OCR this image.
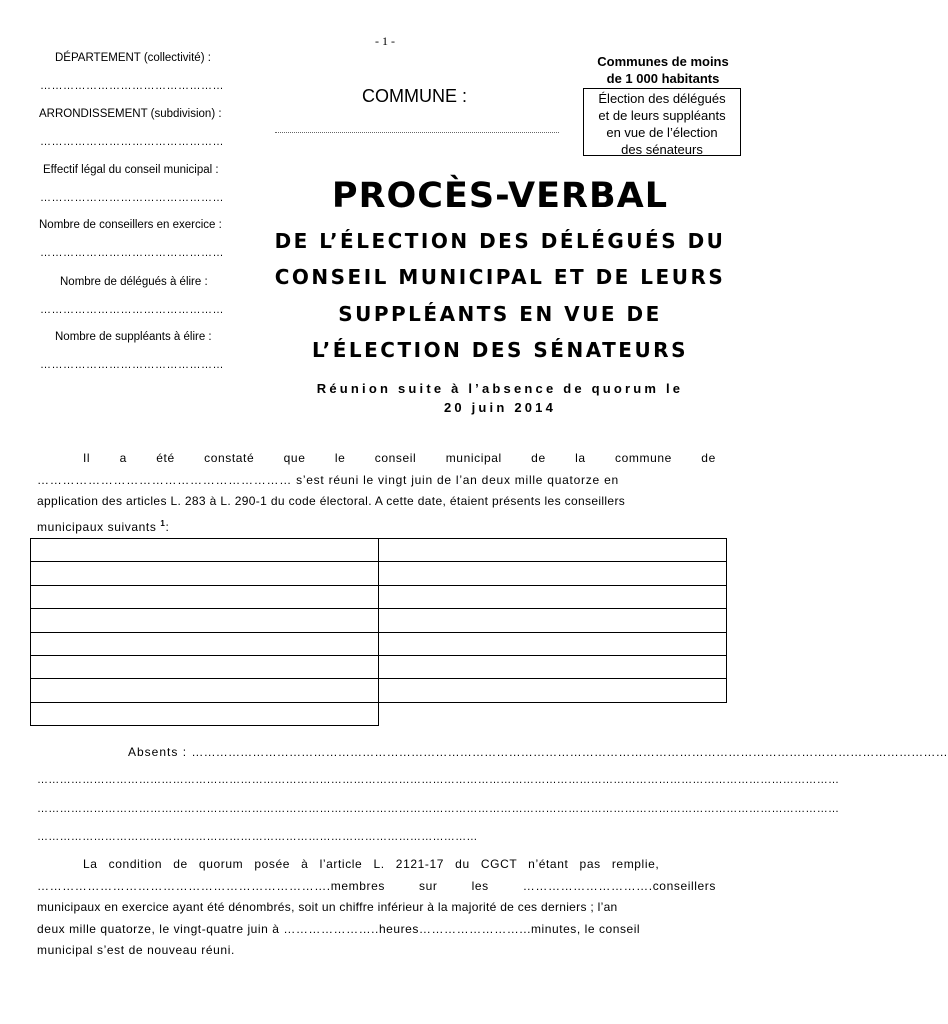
- 1 -
DÉPARTEMENT (collectivité) :
…………………………………………
ARRONDISSEMENT (subdivision) :
…………………………………………
Effectif légal du conseil municipal :
…………………………………………
Nombre de conseillers en exercice :
…………………………………………
Nombre de délégués à élire :
…………………………………………
Nombre de suppléants à élire :
…………………………………………
COMMUNE :
Communes de moins
de 1 000 habitants
Élection des délégués
et de leurs suppléants
en vue de l’élection
des sénateurs
PROCÈS-VERBAL
DE L’ÉLECTION DES DÉLÉGUÉS DU
CONSEIL MUNICIPAL ET DE LEURS
SUPPLÉANTS EN VUE DE
L’ÉLECTION DES SÉNATEURS
Réunion suite à l’absence de quorum le
20 juin 2014
Il a été constaté que le conseil municipal de la commune de
…………………………………………………… s’est réuni le vingt juin de l’an deux mille quatorze en
application des articles L. 283 à L. 290-1 du code électoral. A cette date, étaient présents les conseillers
municipaux suivants $^1$:

Absents : ……………………………………………………………………………………………………………………………………………………………………
……………………………………………………………………………………………………………………………………………………………………………………………
……………………………………………………………………………………………………………………………………………………………………………………………
………………………………………………………………………………………………………
La condition de quorum posée à l’article L. 2121-17 du CGCT n’étant pas remplie,
…………………………………………………………….membres	sur	les	………………………….conseillers
municipaux en exercice ayant été dénombrés, soit un chiffre inférieur à la majorité de ces derniers ; l’an
deux mille quatorze, le vingt-quatre juin à …………………..heures……………………...minutes, le conseil
municipal s’est de nouveau réuni.
